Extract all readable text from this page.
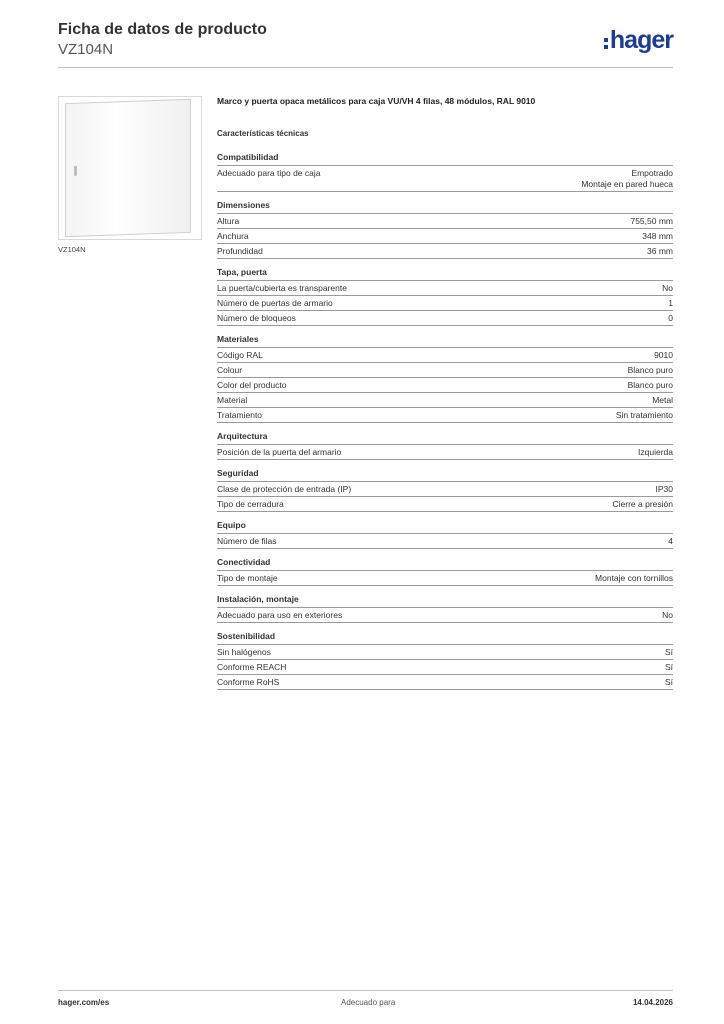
Ficha de datos de producto
VZ104N	hager
VZ104N
Marco y puerta opaca metálicos para caja VU/VH 4 filas, 48 módulos, RAL 9010
Características técnicas
Compatibilidad
Adecuado para tipo de caja	Empotrado
Montaje en pared hueca
Dimensiones
Altura	755,50 mm
Anchura	348 mm
Profundidad	36 mm
Tapa, puerta
La puerta/cubierta es transparente	No
Número de puertas de armario	1
Número de bloqueos	0
Materiales
Código RAL	9010
Colour	Blanco puro
Color del producto	Blanco puro
Material	Metal
Tratamiento	Sin tratamiento
Arquitectura
Posición de la puerta del armario	Izquierda
Seguridad
Clase de protección de entrada (IP)	IP30
Tipo de cerradura	Cierre a presión
Equipo
Número de filas	4
Conectividad
Tipo de montaje	Montaje con tornillos
Instalación, montaje
Adecuado para uso en exteriores	No
Sostenibilidad
Sin halógenos	Sí
Conforme REACH	Sí
Conforme RoHS	Sí
hager.com/es	Adecuado para	14.04.2026
